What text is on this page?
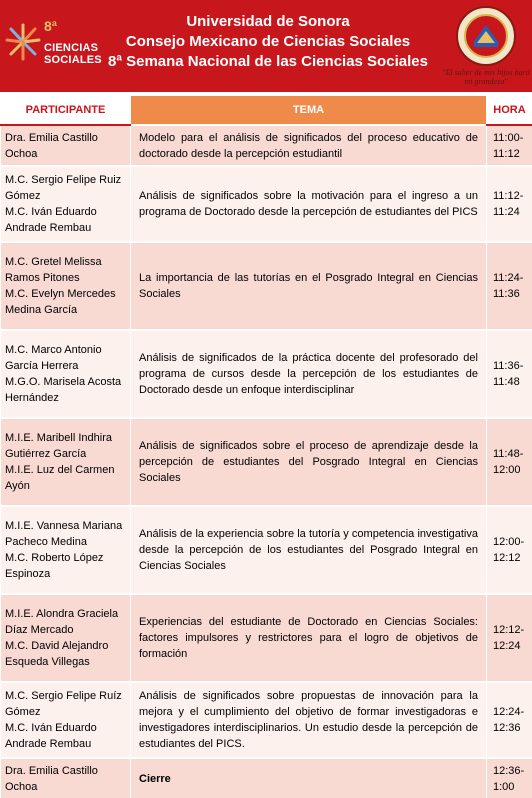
8ª
CIENCIAS
SOCIALES
Universidad de Sonora
Consejo Mexicano de Ciencias Sociales
8ª Semana Nacional de las Ciencias Sociales
"El saber de mis hijos hará mi grandeza"
PARTICIPANTE	TEMA	HORA

Dra. Emilia Castillo Ochoa	Modelo para el análisis de significados del proceso educativo de doctorado desde la percepción estudiantil	11:00-11:12

M.C. Sergio Felipe Ruiz Gómez
M.C. Iván Eduardo Andrade Rembau	Análisis de significados sobre la motivación para el ingreso a un programa de Doctorado desde la percepción de estudiantes del PICS	11:12-11:24

M.C. Gretel Melissa Ramos Pitones
M.C. Evelyn Mercedes Medina García	La importancia de las tutorías en el Posgrado Integral en Ciencias Sociales	11:24-11:36

M.C. Marco Antonio García Herrera
M.G.O. Marisela Acosta Hernández	Análisis de significados de la práctica docente del profesorado del programa de cursos desde la percepción de los estudiantes de Doctorado desde un enfoque interdisciplinar	11:36-11:48

M.I.E. Maribell Indhira Gutiérrez García
M.I.E. Luz del Carmen Ayón	Análisis de significados sobre el proceso de aprendizaje desde la percepción de estudiantes del Posgrado Integral en Ciencias Sociales	11:48-12:00

M.I.E. Vannesa Mariana Pacheco Medina
M.C. Roberto López Espinoza	Análisis de la experiencia sobre la tutoría y competencia investigativa desde la percepción de los estudiantes del Posgrado Integral en Ciencias Sociales	12:00-12:12

M.I.E. Alondra Graciela Díaz Mercado
M.C. David Alejandro Esqueda Villegas	Experiencias del estudiante de Doctorado en Ciencias Sociales: factores impulsores y restrictores para el logro de objetivos de formación	12:12-12:24

M.C. Sergio Felipe Ruíz Gómez
M.C. Iván Eduardo Andrade Rembau	Análisis de significados sobre propuestas de innovación para la mejora y el cumplimiento del objetivo de formar investigadoras e investigadores interdisciplinarios. Un estudio desde la percepción de estudiantes del PICS.	12:24-12:36

Dra. Emilia Castillo Ochoa	Cierre	12:36-1:00
